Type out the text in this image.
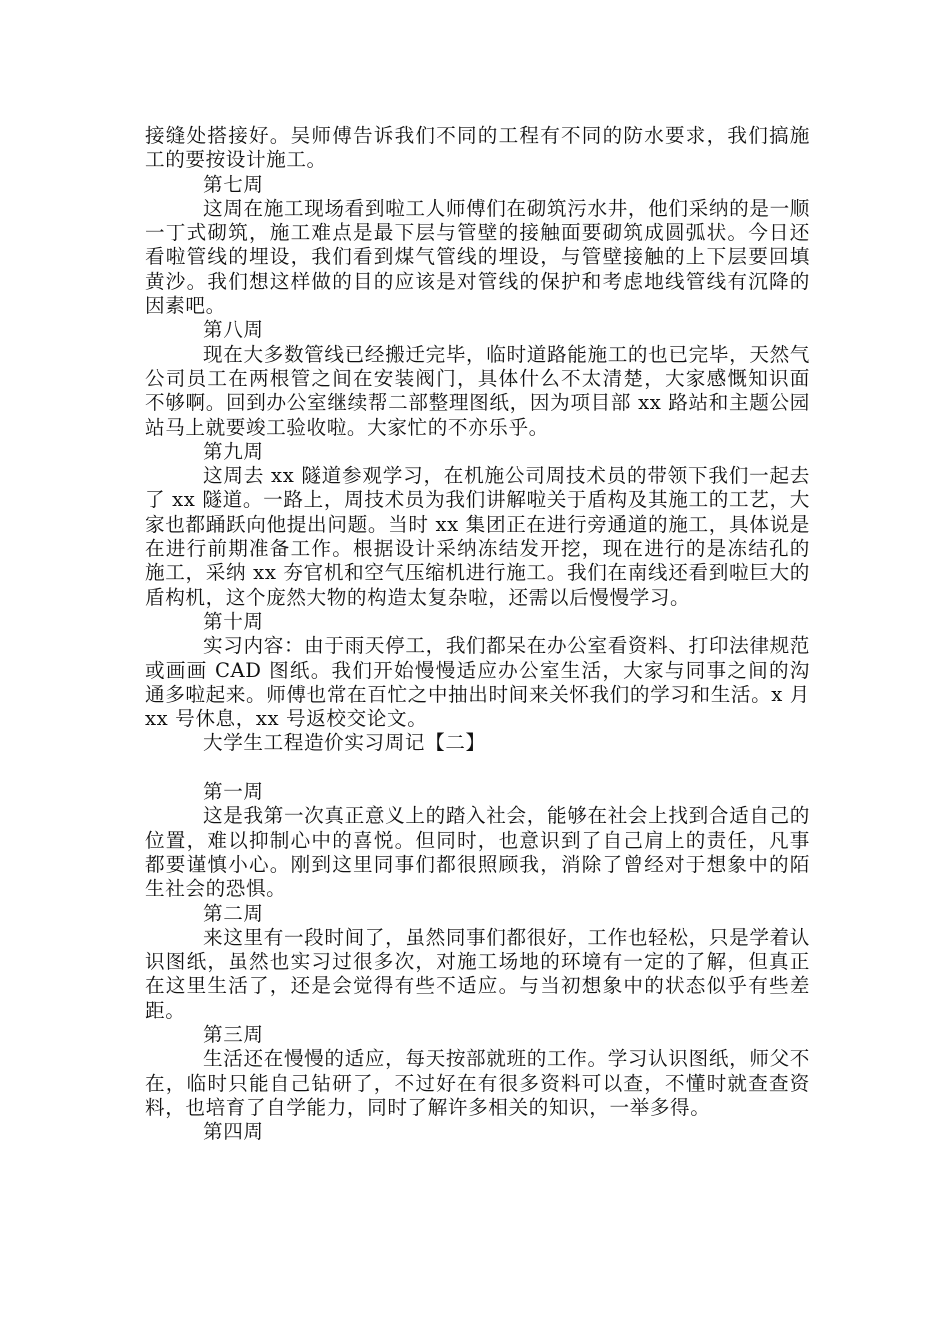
接缝处搭接好。吴师傅告诉我们不同的工程有不同的防水要求，我们搞施工的要按设计施工。

第七周

这周在施工现场看到啦工人师傅们在砌筑污水井，他们采纳的是一顺一丁式砌筑，施工难点是最下层与管壁的接触面要砌筑成圆弧状。今日还看啦管线的埋设，我们看到煤气管线的埋设，与管壁接触的上下层要回填黄沙。我们想这样做的目的应该是对管线的保护和考虑地线管线有沉降的因素吧。

第八周

现在大多数管线已经搬迁完毕，临时道路能施工的也已完毕，天然气公司员工在两根管之间在安装阀门，具体什么不太清楚，大家感慨知识面不够啊。回到办公室继续帮二部整理图纸，因为项目部 xx 路站和主题公园站马上就要竣工验收啦。大家忙的不亦乐乎。

第九周

这周去 xx 隧道参观学习，在机施公司周技术员的带领下我们一起去了 xx 隧道。一路上，周技术员为我们讲解啦关于盾构及其施工的工艺，大家也都踊跃向他提出问题。当时 xx 集团正在进行旁通道的施工，具体说是在进行前期准备工作。根据设计采纳冻结发开挖，现在进行的是冻结孔的施工，采纳 xx 夯官机和空气压缩机进行施工。我们在南线还看到啦巨大的盾构机，这个庞然大物的构造太复杂啦，还需以后慢慢学习。

第十周

实习内容：由于雨天停工，我们都呆在办公室看资料、打印法律规范或画画 CAD 图纸。我们开始慢慢适应办公室生活，大家与同事之间的沟通多啦起来。师傅也常在百忙之中抽出时间来关怀我们的学习和生活。x 月 xx 号休息，xx 号返校交论文。

大学生工程造价实习周记【二】

第一周

这是我第一次真正意义上的踏入社会，能够在社会上找到合适自己的位置，难以抑制心中的喜悦。但同时，也意识到了自己肩上的责任，凡事都要谨慎小心。刚到这里同事们都很照顾我，消除了曾经对于想象中的陌生社会的恐惧。

第二周

来这里有一段时间了，虽然同事们都很好，工作也轻松，只是学着认识图纸，虽然也实习过很多次，对施工场地的环境有一定的了解，但真正在这里生活了，还是会觉得有些不适应。与当初想象中的状态似乎有些差距。

第三周

生活还在慢慢的适应，每天按部就班的工作。学习认识图纸，师父不在，临时只能自己钻研了，不过好在有很多资料可以查，不懂时就查查资料，也培育了自学能力，同时了解许多相关的知识，一举多得。

第四周
